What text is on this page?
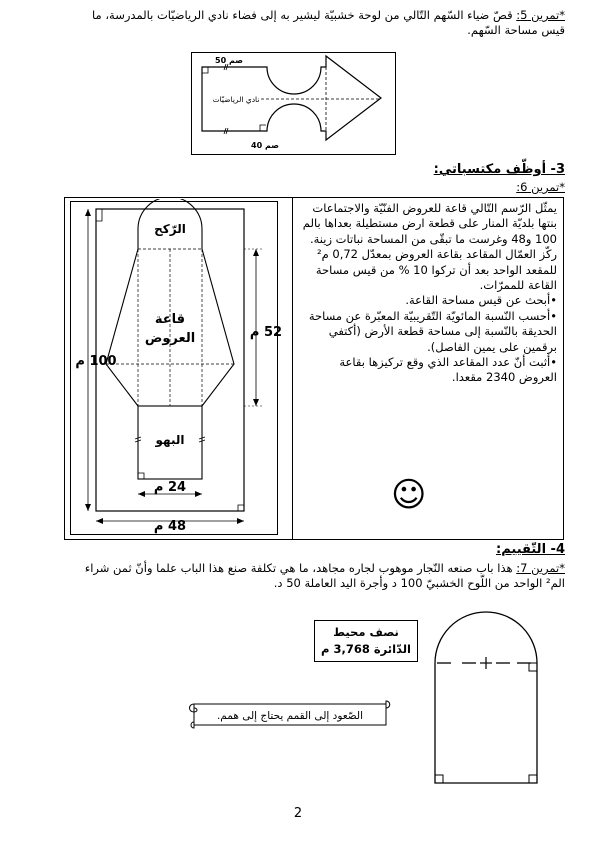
*تمرين 5: قصّ ضياء السّهم التّالي من لوحة خشبيّة ليشير به إلى فضاء نادي الرياضيّات بالمدرسة، ما
قيس مساحة السّهم.
50 صم
40 صم
نادي الرياضيّات
3- أوظّف مكتسباتي:
*تمرين 6:

يمثّل الرّسم التّالي قاعة للعروض الفنّيّة والاجتماعات بنتها بلديّة المنار على قطعة ارض مستطيلة بعداها بالم 100 و48 وغرست ما تبقّى من المساحة نباتات زينة.

ركّز العمّال المقاعد بقاعة العروض بمعدّل 0,72 م² للمقعد الواحد بعد أن تركوا 10 % من قيس مساحة القاعة للممرّات.

•أبحث عن قيس مساحة القاعة.

•أحسب النّسبة المائويّة التّقريبيّة المعبّرة عن مساحة الحديقة بالنّسبة إلى مساحة قطعة الأرض (أكتفي برقمين على يمين الفاصل).

•أثبت أنّ عدد المقاعد الذي وقع تركيزها بقاعة العروض 2340 مقعدا.

☺
الرّكح
قاعة
العروض
البهو
52 م
100 م
24 م
48 م
4- التّقييم:
*تمرين 7: هذا باب صنعه النّجار موهوب لجاره مجاهد، ما هي تكلفة صنع هذا الباب علما وأنّ ثمن شراء
الم² الواحد من اللّوح الخشبيّ 100 د وأجرة اليد العاملة 50 د.
نصف محيط
الدّائرة 3,768 م
الصّعود إلى القمم يحتاج إلى همم.
2
